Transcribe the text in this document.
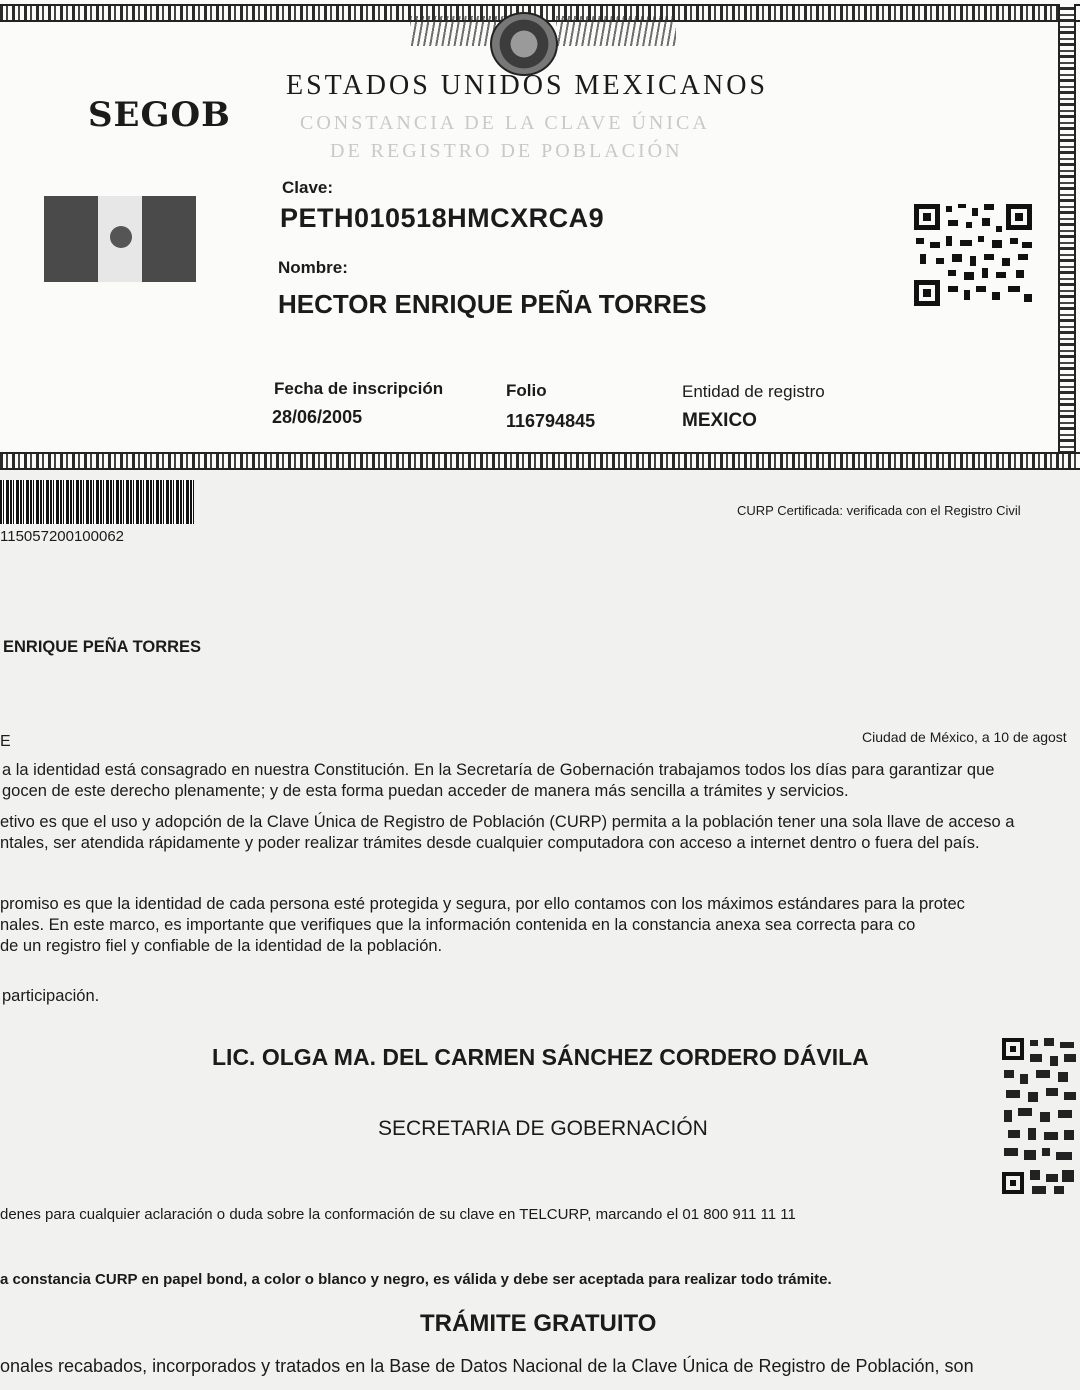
SEGOB
ESTADOS UNIDOS MEXICANOS
CONSTANCIA DE LA CLAVE ÚNICA
DE REGISTRO DE POBLACIÓN
Clave:
PETH010518HMCXRCA9
Nombre:
HECTOR ENRIQUE PEÑA TORRES
Fecha de inscripción
28/06/2005
Folio
116794845
Entidad de registro
MEXICO
115057200100062
CURP Certificada: verificada con el Registro Civil
ENRIQUE PEÑA TORRES
E	Ciudad de México, a 10 de agost
a la identidad está consagrado en nuestra Constitución. En la Secretaría de Gobernación trabajamos todos los días para garantizar que
gocen de este derecho plenamente; y de esta forma puedan acceder de manera más sencilla a trámites y servicios.
etivo es que el uso y adopción de la Clave Única de Registro de Población (CURP) permita a la población tener una sola llave de acceso a
ntales, ser atendida rápidamente y poder realizar trámites desde cualquier computadora con acceso a internet dentro o fuera del país.
promiso es que la identidad de cada persona esté protegida y segura, por ello contamos con los máximos estándares para la protec
nales. En este marco, es importante que verifiques que la información contenida en la constancia anexa sea correcta para co
de un registro fiel y confiable de la identidad de la población.
participación.
LIC. OLGA MA. DEL CARMEN SÁNCHEZ CORDERO DÁVILA
SECRETARIA DE GOBERNACIÓN
denes para cualquier aclaración o duda sobre la conformación de su clave en TELCURP, marcando el 01 800 911 11 11
a constancia CURP en papel bond, a color o blanco y negro, es válida y debe ser aceptada para realizar todo trámite.
TRÁMITE GRATUITO
onales recabados, incorporados y tratados en la Base de Datos Nacional de la Clave Única de Registro de Población, son
